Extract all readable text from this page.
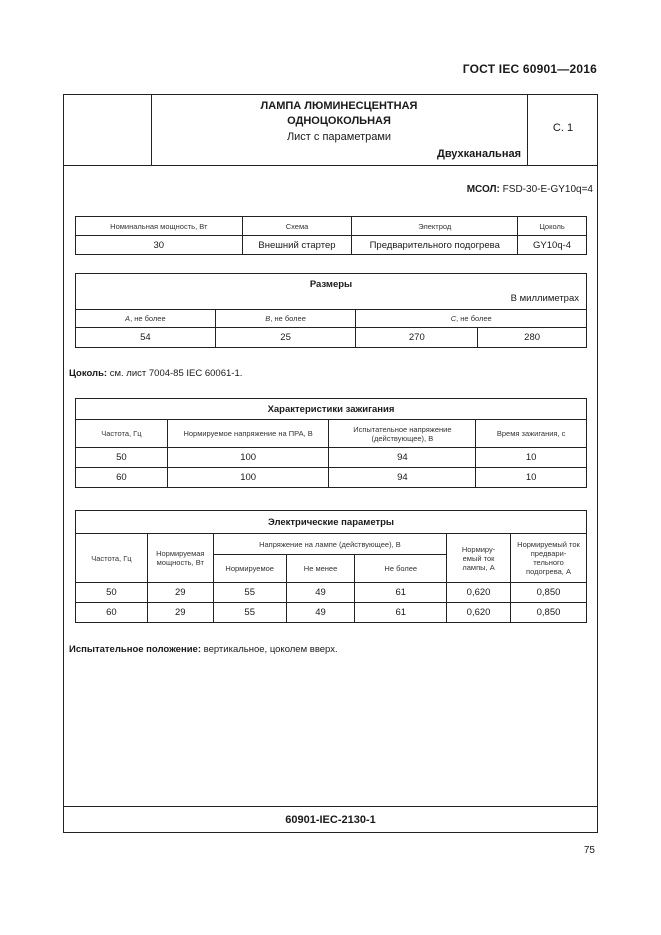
ГОСТ IEC 60901—2016
ЛАМПА ЛЮМИНЕСЦЕНТНАЯ
ОДНОЦОКОЛЬНАЯ
Лист с параметрами
Двухканальная
С. 1
МСОЛ: FSD-30-E-GY10q=4
Номинальная мощность, Вт	Схема	Электрод	Цоколь
30	Внешний стартер	Предварительного подогрева	GY10q-4
Размеры
В миллиметрах			

A, не более	B, не более	C, не более	
54	25	270	280
Цоколь: см. лист 7004-85 IEC 60061-1.
Характеристики зажигания			
Частота, Гц	Нормируемое напряжение на ПРА, В	Испытательное напряжение (действующее), В	Время зажигания, с
50	100	94	10
60	100	94	10
Электрические параметры						
Частота, Гц	Нормируемая мощность, Вт	Напряжение на лампе (действующее), В			Нормиру-емый ток лампы, А	Нормируемый ток предвари-тельного подогрева, А
		Нормируемое	Не менее	Не более		
50	29	55	49	61	0,620	0,850
60	29	55	49	61	0,620	0,850
Испытательное положение: вертикальное, цоколем вверх.
60901-IEC-2130-1
75
